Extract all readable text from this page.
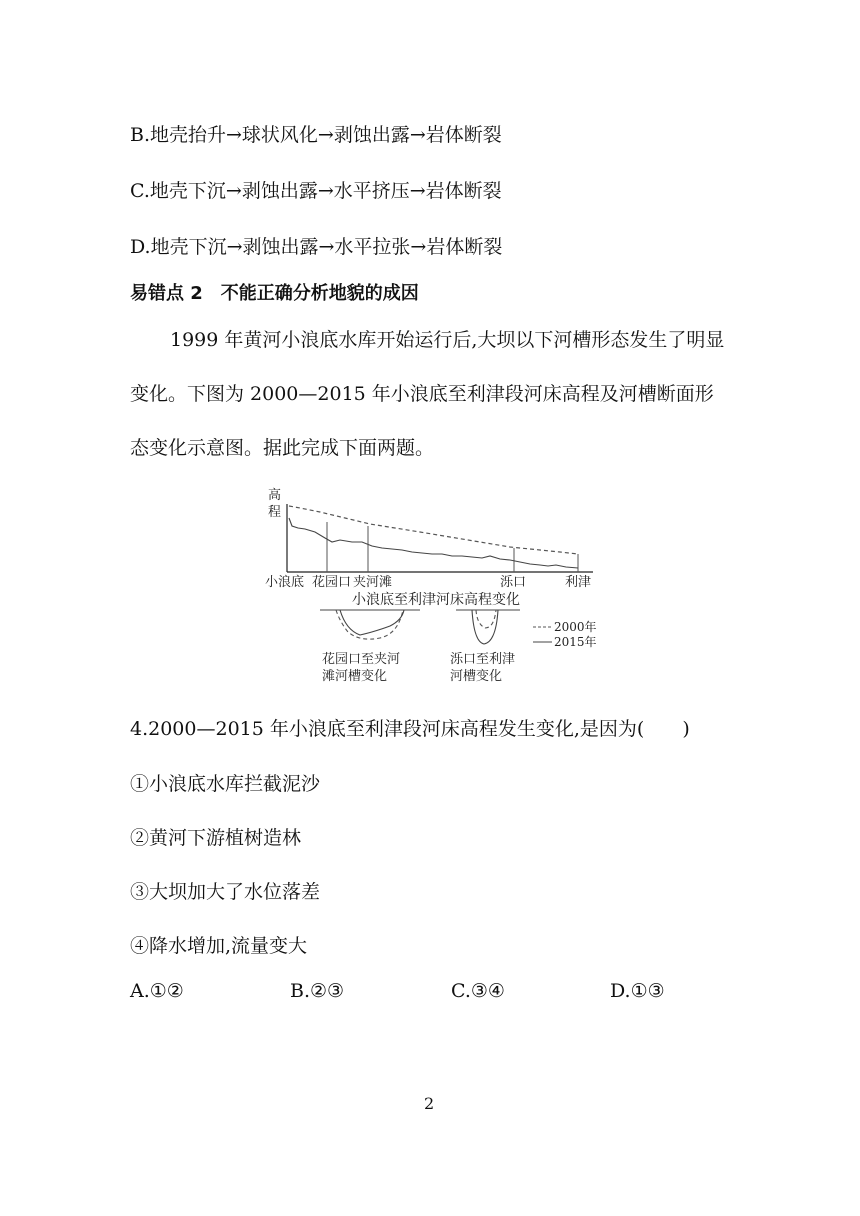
B.地壳抬升→球状风化→剥蚀出露→岩体断裂
C.地壳下沉→剥蚀出露→水平挤压→岩体断裂
D.地壳下沉→剥蚀出露→水平拉张→岩体断裂
易错点 2　不能正确分析地貌的成因
1999 年黄河小浪底水库开始运行后,大坝以下河槽形态发生了明显变化。下图为 2000—2015 年小浪底至利津段河床高程及河槽断面形态变化示意图。据此完成下面两题。
高
程
小浪底 花园口 夹河滩	泺口	利津
小浪底至利津河床高程变化
2000年
2015年
花园口至夹河
滩河槽变化
泺口至利津
河槽变化
4.2000—2015 年小浪底至利津段河床高程发生变化,是因为(　　)
①小浪底水库拦截泥沙
②黄河下游植树造林
③大坝加大了水位落差
④降水增加,流量变大
A.①②	B.②③	C.③④	D.①③
2
